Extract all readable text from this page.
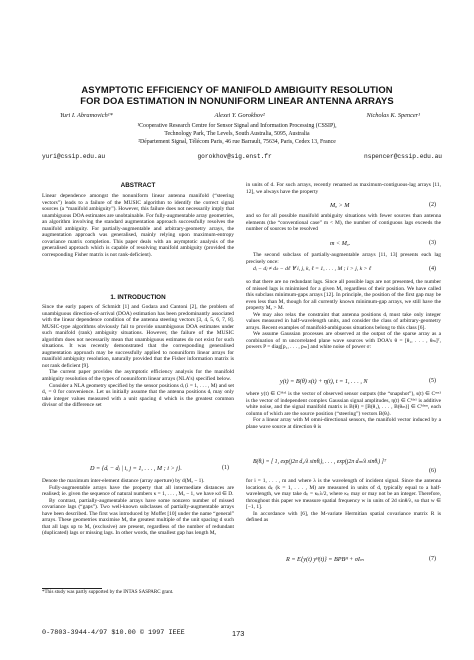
ASYMPTOTIC EFFICIENCY OF MANIFOLD AMBIGUITY RESOLUTION
FOR DOA ESTIMATION IN NONUNIFORM LINEAR ANTENNA ARRAYS
Yuri I. Abramovich¹*	Alexei Y. Gorokhov²	Nicholas K. Spencer¹
¹Cooperative Research Centre for Sensor Signal and Information Processing (CSSIP),
Technology Park, The Levels, South Australia, 5095, Australia
²Département Signal, Télécom Paris, 46 rue Barrault, 75634, Paris, Cedex 13, France
yuri@cssip.edu.au	gorokhov@sig.enst.fr	nspencer@cssip.edu.au
ABSTRACT

Linear dependence amongst the nonuniform linear antenna manifold (“steering vectors”) leads to a failure of the MUSIC algorithm to identify the correct signal sources (a “manifold ambiguity”). However, this failure does not necessarily imply that unambiguous DOA estimates are unobtainable. For fully-augmentable array geometries, an algorithm involving the standard augmentation approach successfully resolves the manifold ambiguity. For partially-augmentable and arbitrary-geometry arrays, the augmentation approach was generalised, mainly relying upon maximum-entropy covariance matrix completion. This paper deals with an asymptotic analysis of the generalised approach which is capable of resolving manifold ambiguity (provided the corresponding Fisher matrix is not rank-deficient).

1. INTRODUCTION

Since the early papers of Schmidt [1] and Godara and Cantoni [2], the problem of unambiguous direction-of-arrival (DOA) estimation has been predominantly associated with the linear dependence condition of the antenna steering vectors [3, 4, 5, 6, 7, 8]. MUSIC-type algorithms obviously fail to provide unambiguous DOA estimates under such manifold (rank) ambiguity situations. However, the failure of the MUSIC algorithm does not necessarily mean that unambiguous estimates do not exist for such situations. It was recently demonstrated that the corresponding generalised augmentation approach may be successfully applied to nonuniform linear arrays for manifold ambiguity resolution, naturally provided that the Fisher information matrix is not rank deficient [9].

The current paper provides the asymptotic efficiency analysis for the manifold ambiguity resolution of the types of nonuniform linear arrays (NLA’s) specified below.

Consider a NLA geometry specified by the sensor positions dᵢ (i = 1, . . . , M) and set d₁ = 0 for convenience. Let us initially assume that the antenna positions dᵢ may only take integer values measured with a unit spacing d which is the greatest common divisor of the difference set

D = {dᵢ − dⱼ | i, j = 1, . . . , M ; i > j}.	(1)

Denote the maximum inter-element distance (array aperture) by d(Mₐ − 1).

Fully-augmentable arrays have the property that all intermediate distances are realised; ie. given the sequence of natural numbers κ = 1, . . . , Mₐ − 1, we have κd ∈ D.

By contrast, partially-augmentable arrays have some nonzero number of missed covariance lags (“gaps”). Two well-known subclasses of partially-augmentable arrays have been described. The first was introduced by Moffet [10] under the name “general” arrays. These geometries maximise Mₐ the greatest multiple of the unit spacing d such that all lags up to Mₐ (exclusive) are present, regardless of the number of redundant (duplicated) lags or missing lags. In other words, the smallest gap has length Mₐ

*This study was partly supported by the INTAS SASPARC grant.

in units of d. For such arrays, recently renamed as maximum-contiguous-lag arrays [11, 12], we always have the property

Mₐ > M	(2)

and so for all possible manifold ambiguity situations with fewer sources than antenna elements (the “conventional case” m < M), the number of contiguous lags exceeds the number of sources to be resolved

m < Mₐ.	(3)

The second subclass of partially-augmentable arrays [11, 13] presents each lag precisely once:

dᵢ − dⱼ ≠ dₖ − dℓ ∀ i, j, k, ℓ = 1, . . . , M ; i > j, k > ℓ	(4)

so that there are no redundant lags. Since all possible lags are not presented, the number of missed lags is minimised for a given M, regardless of their position. We have called this subclass minimum-gaps arrays [12]. In principle, the position of the first gap may be even less than M, though for all currently known minimum-gap arrays, we still have the property Mₐ > M.

We may also relax the constraint that antenna positions dᵢ must take only integer values measured in half-wavelength units, and consider the class of arbitrary-geometry arrays. Recent examples of manifold-ambiguous situations belong to this class [6].

We assume Gaussian processes are observed at the output of the sparse array as a combination of m uncorrelated plane wave sources with DOA’s θ = [θ₁, . . . , θₘ]ᵀ, powers P = diag[p₁, . . . , pₘ] and white noise of power σ:

y(t) = B(θ) s(t) + η(t), t = 1, . . . , N	(5)

where y(t) ∈ Cᴹˣ¹ is the vector of observed sensor outputs (the “snapshot”), s(t) ∈ Cᵐˣ¹ is the vector of independent complex Gaussian signal amplitudes, η(t) ∈ Cᴹˣ¹ is additive white noise, and the signal manifold matrix is B(θ) = [B(θ₁), . . . , B(θₘ)] ∈ Cᴹˣᵐ, each column of which are the source position (“steering”) vectors B(θᵢ).

For a linear array with M omni-directional sensors, the manifold vector induced by a plane wave source at direction θ is

B(θᵢ) = [ 1, exp(j2π d₂/λ sinθᵢ), . . . , exp(j2π dₘ/λ sinθᵢ) ]ᵀ
(6)

for i = 1, . . . , m and where λ is the wavelength of incident signal. Since the antenna locations dₖ (k = 1, . . . , M) are measured in units of d, typically equal to a half-wavelength, we may take dₖ = κₖλ/2, where κₖ may or may not be an integer. Therefore, throughout this paper we measure spatial frequency w in units of 2d sinθ/λ, so that w ∈ [−1, 1].

In accordance with [6], the M-variate Hermitian spatial covariance matrix R is defined as

R = E{y(t) yᴴ(t)} = BPBᴴ + σIₘ	(7)
0-7803-3944-4/97 $10.00 © 1997 IEEE	173
